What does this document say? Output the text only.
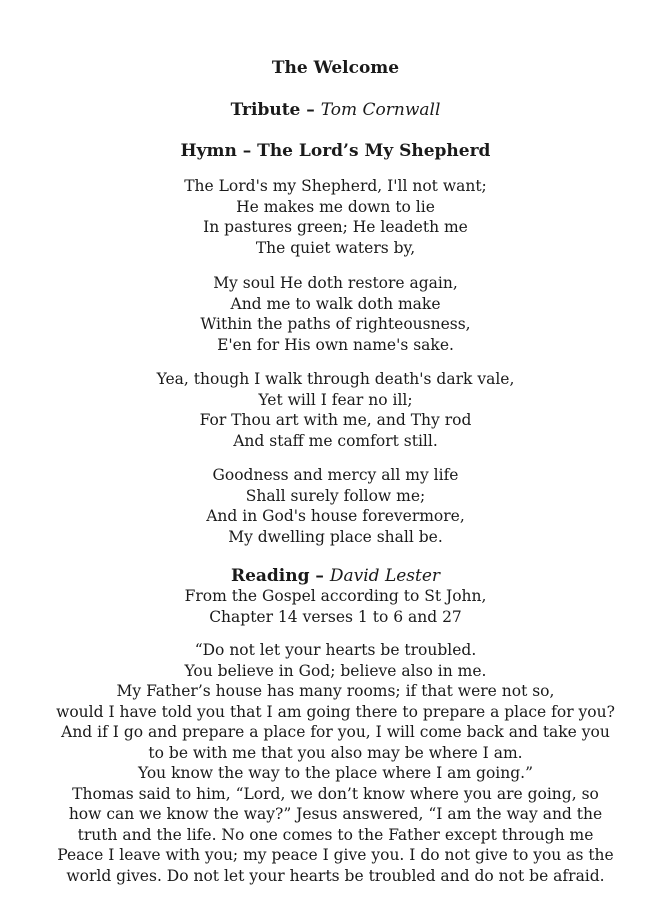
The Welcome
Tribute – Tom Cornwall
Hymn – The Lord’s My Shepherd
The Lord's my Shepherd, I'll not want;
He makes me down to lie
In pastures green; He leadeth me
The quiet waters by,
My soul He doth restore again,
And me to walk doth make
Within the paths of righteousness,
E'en for His own name's sake.
Yea, though I walk through death's dark vale,
Yet will I fear no ill;
For Thou art with me, and Thy rod
And staff me comfort still.
Goodness and mercy all my life
Shall surely follow me;
And in God's house forevermore,
My dwelling place shall be.
Reading – David Lester
From the Gospel according to St John,
Chapter 14 verses 1 to 6 and 27
“Do not let your hearts be troubled.
You believe in God; believe also in me.
My Father’s house has many rooms; if that were not so,
would I have told you that I am going there to prepare a place for you?
And if I go and prepare a place for you, I will come back and take you
to be with me that you also may be where I am.
You know the way to the place where I am going.”
Thomas said to him, “Lord, we don’t know where you are going, so
how can we know the way?” Jesus answered, “I am the way and the
truth and the life. No one comes to the Father except through me
Peace I leave with you; my peace I give you. I do not give to you as the
world gives. Do not let your hearts be troubled and do not be afraid.
